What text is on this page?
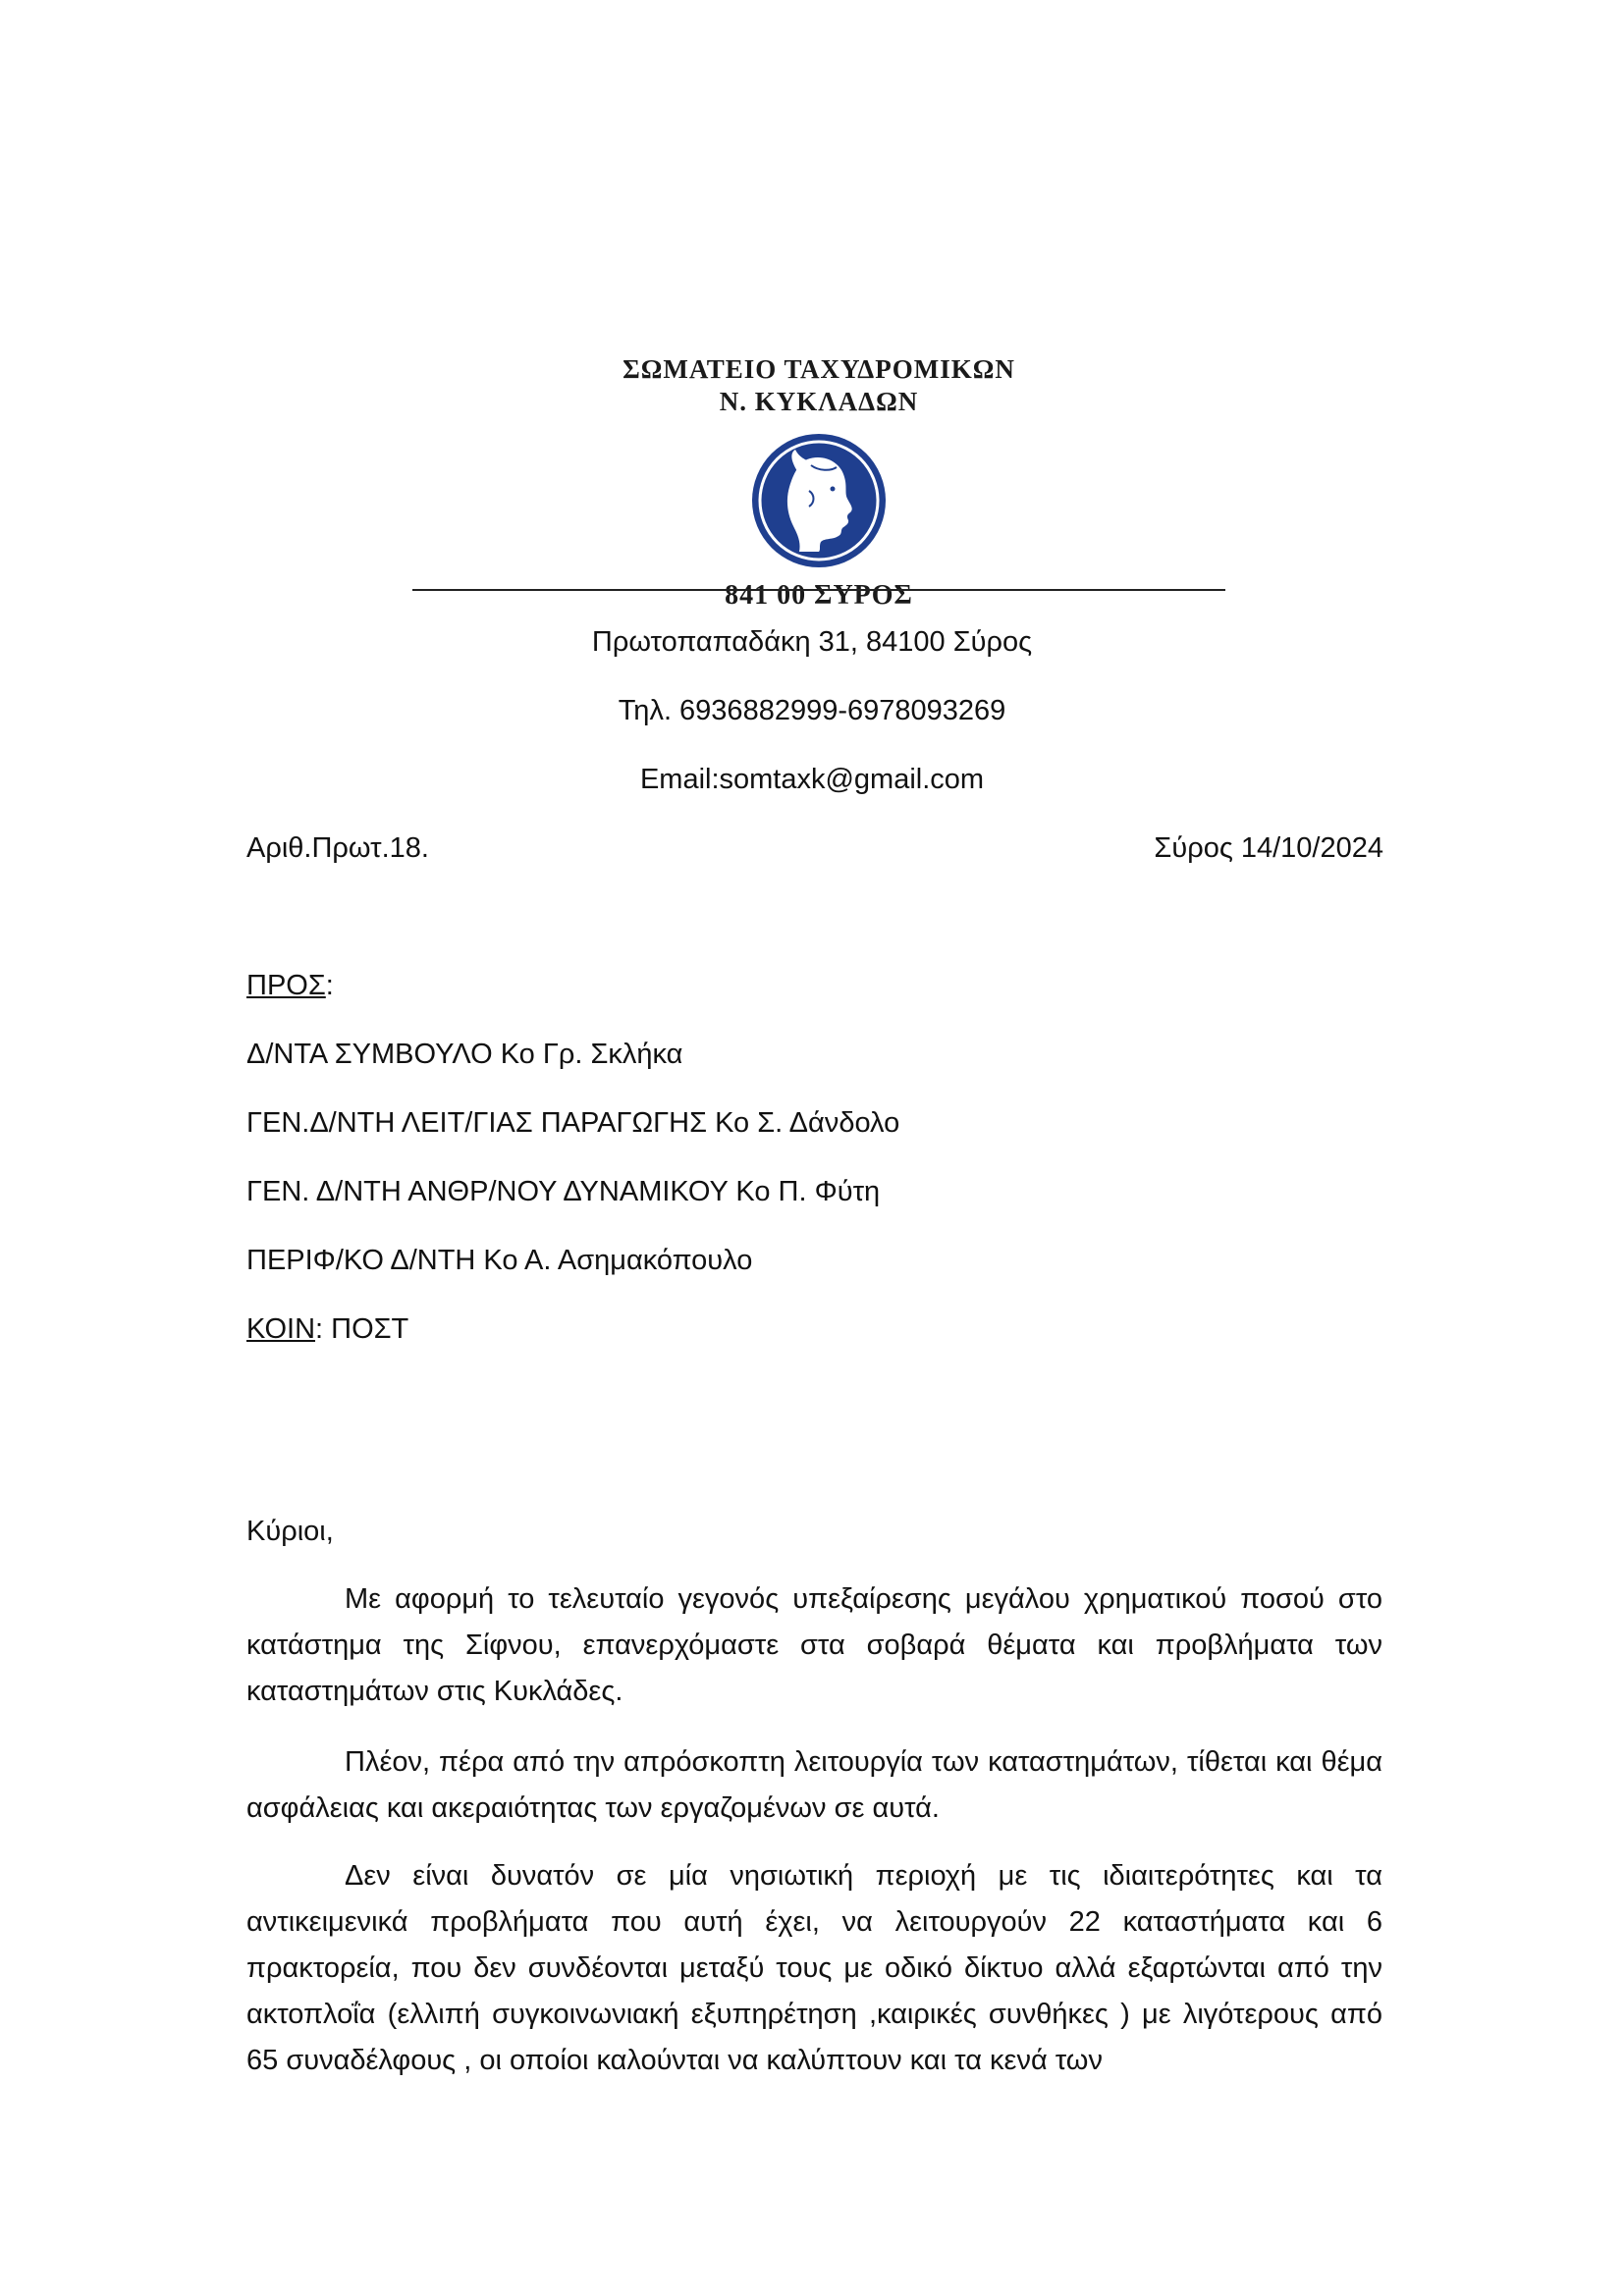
ΣΩΜΑΤΕΙΟ ΤΑΧΥΔΡΟΜΙΚΩΝ
Ν. ΚΥΚΛΑΔΩΝ
841 00 ΣΥΡΟΣ
Πρωτοπαπαδάκη 31, 84100 Σύρος
Τηλ. 6936882999-6978093269
Email:somtaxk@gmail.com
Αριθ.Πρωτ.18.	Σύρος 14/10/2024
ΠΡΟΣ:
Δ/ΝΤΑ ΣΥΜΒΟΥΛΟ Κο Γρ. Σκλήκα
ΓΕΝ.Δ/ΝΤΗ ΛΕΙΤ/ΓΙΑΣ ΠΑΡΑΓΩΓΗΣ Κο Σ. Δάνδολο
ΓΕΝ. Δ/ΝΤΗ ΑΝΘΡ/ΝΟΥ ΔΥΝΑΜΙΚΟΥ Κο Π. Φύτη
ΠΕΡΙΦ/ΚΟ Δ/ΝΤΗ Κο Α. Ασημακόπουλο
ΚΟΙΝ: ΠΟΣΤ
Κύριοι,
Με αφορμή το τελευταίο γεγονός υπεξαίρεσης μεγάλου χρηματικού ποσού στο κατάστημα της Σίφνου, επανερχόμαστε στα σοβαρά θέματα και προβλήματα των καταστημάτων στις Κυκλάδες.
Πλέον, πέρα από την απρόσκοπτη λειτουργία των καταστημάτων, τίθεται και θέμα ασφάλειας και ακεραιότητας των εργαζομένων σε αυτά.
Δεν είναι δυνατόν σε μία νησιωτική περιοχή με τις ιδιαιτερότητες και τα αντικειμενικά προβλήματα που αυτή έχει, να λειτουργούν 22 καταστήματα και 6 πρακτορεία, που δεν συνδέονται μεταξύ τους με οδικό δίκτυο αλλά εξαρτώνται από την ακτοπλοΐα (ελλιπή συγκοινωνιακή εξυπηρέτηση ,καιρικές συνθήκες ) με λιγότερους από 65 συναδέλφους , οι οποίοι καλούνται να καλύπτουν και τα κενά των
